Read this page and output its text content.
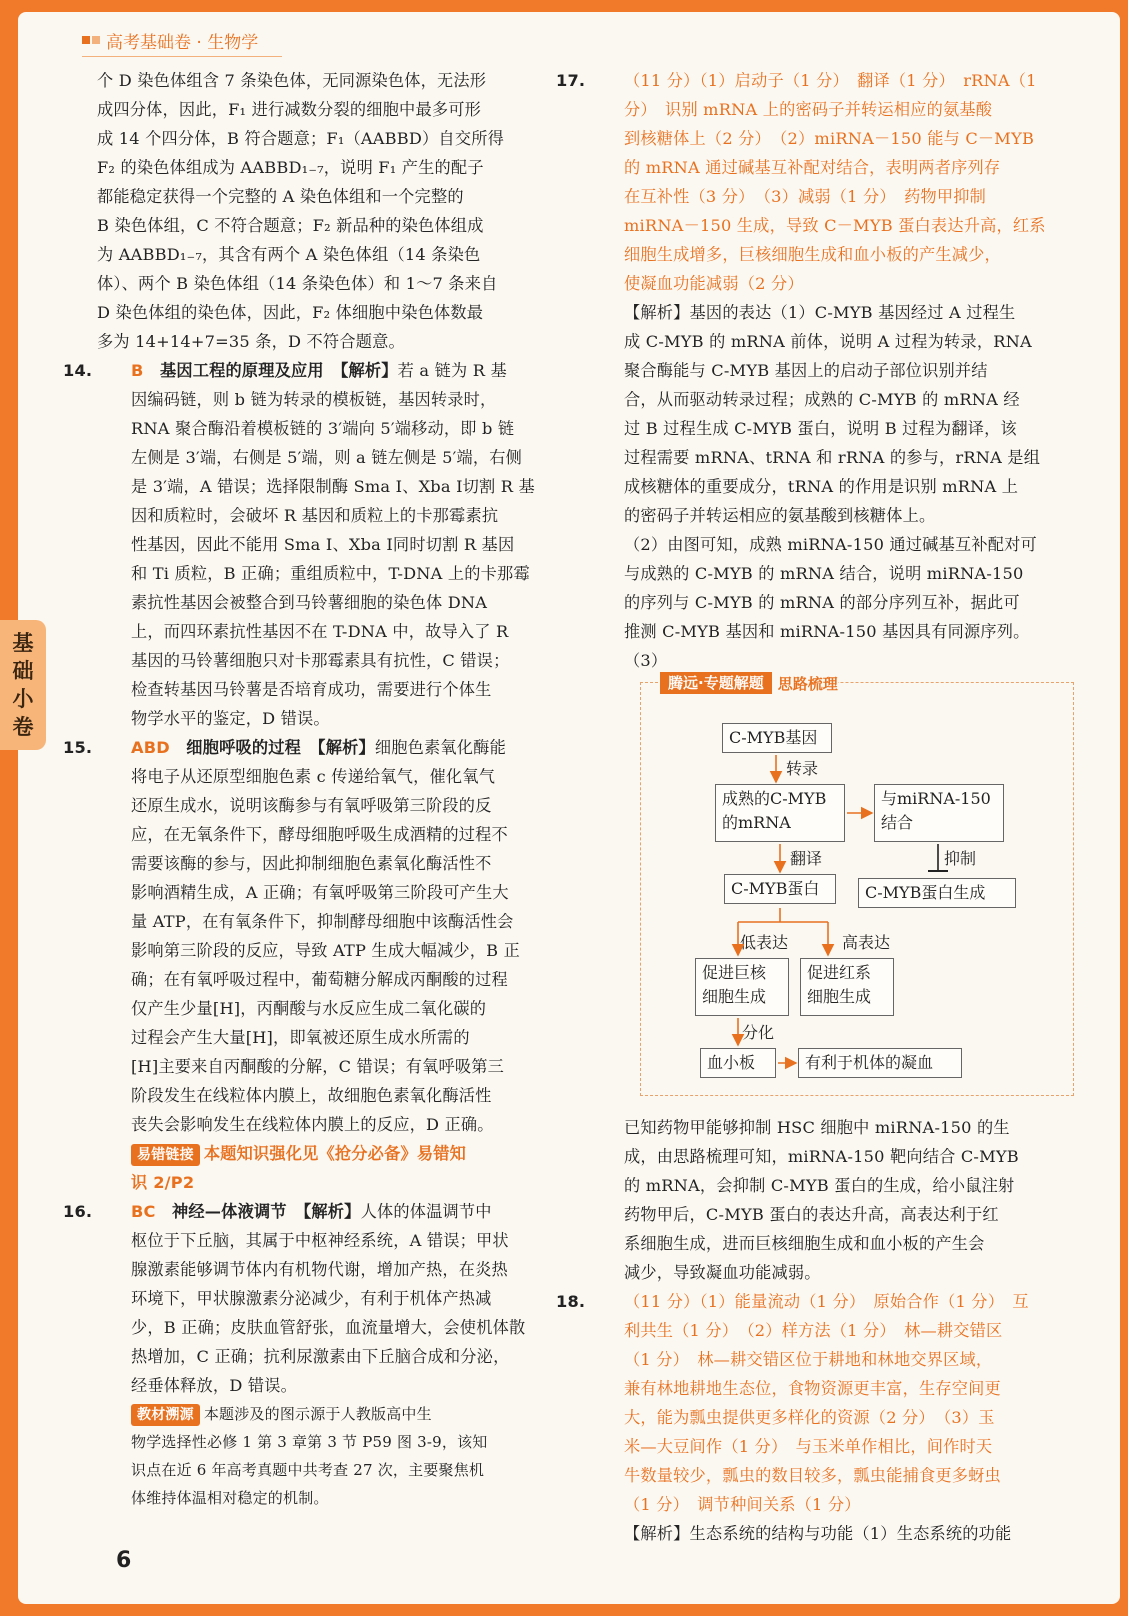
高考基础卷 · 生物学
基
础
小
卷

个 D 染色体组含 7 条染色体，无同源染色体，无法形

成四分体，因此，F₁ 进行减数分裂的细胞中最多可形

成 14 个四分体，B 符合题意；F₁（AABBD）自交所得

F₂ 的染色体组成为 AABBD₁₋₇，说明 F₁ 产生的配子

都能稳定获得一个完整的 A 染色体组和一个完整的

B 染色体组，C 不符合题意；F₂ 新品种的染色体组成

为 AABBD₁₋₇，其含有两个 A 染色体组（14 条染色

体）、两个 B 染色体组（14 条染色体）和 1～7 条来自

D 染色体组的染色体，因此，F₂ 体细胞中染色体数最

多为 14+14+7=35 条，D 不符合题意。

14. B　 基因工程的原理及应用　 【解析】若 a 链为 R 基

因编码链，则 b 链为转录的模板链，基因转录时，

RNA 聚合酶沿着模板链的 3′端向 5′端移动，即 b 链

左侧是 3′端，右侧是 5′端，则 a 链左侧是 5′端，右侧

是 3′端，A 错误；选择限制酶 Sma Ⅰ、Xba Ⅰ切割 R 基

因和质粒时，会破坏 R 基因和质粒上的卡那霉素抗

性基因，因此不能用 Sma Ⅰ、Xba Ⅰ同时切割 R 基因

和 Ti 质粒，B 正确；重组质粒中，T-DNA 上的卡那霉

素抗性基因会被整合到马铃薯细胞的染色体 DNA

上，而四环素抗性基因不在 T-DNA 中，故导入了 R

基因的马铃薯细胞只对卡那霉素具有抗性，C 错误；

检查转基因马铃薯是否培育成功，需要进行个体生

物学水平的鉴定，D 错误。

15. ABD　 细胞呼吸的过程　 【解析】细胞色素氧化酶能

将电子从还原型细胞色素 c 传递给氧气，催化氧气

还原生成水，说明该酶参与有氧呼吸第三阶段的反

应，在无氧条件下，酵母细胞呼吸生成酒精的过程不

需要该酶的参与，因此抑制细胞色素氧化酶活性不

影响酒精生成，A 正确；有氧呼吸第三阶段可产生大

量 ATP，在有氧条件下，抑制酵母细胞中该酶活性会

影响第三阶段的反应，导致 ATP 生成大幅减少，B 正

确；在有氧呼吸过程中，葡萄糖分解成丙酮酸的过程

仅产生少量[H]，丙酮酸与水反应生成二氧化碳的

过程会产生大量[H]，即氧被还原生成水所需的

[H]主要来自丙酮酸的分解，C 错误；有氧呼吸第三

阶段发生在线粒体内膜上，故细胞色素氧化酶活性

丧失会影响发生在线粒体内膜上的反应，D 正确。

易错链接 本题知识强化见《抢分必备》易错知

识 2/P2

16. BC　 神经—体液调节　 【解析】人体的体温调节中

枢位于下丘脑，其属于中枢神经系统，A 错误；甲状

腺激素能够调节体内有机物代谢，增加产热，在炎热

环境下，甲状腺激素分泌减少，有利于机体产热减

少，B 正确；皮肤血管舒张，血流量增大，会使机体散

热增加，C 正确；抗利尿激素由下丘脑合成和分泌，

经垂体释放，D 错误。

教材溯源 本题涉及的图示源于人教版高中生

物学选择性必修 1 第 3 章第 3 节 P59 图 3-9，该知

识点在近 6 年高考真题中共考查 27 次，主要聚焦机

体维持体温相对稳定的机制。

17. （11 分）（1）启动子（1 分）　翻译（1 分）　rRNA（1

分）　识别 mRNA 上的密码子并转运相应的氨基酸

到核糖体上（2 分）　（2）miRNA－150 能与 C－MYB

的 mRNA 通过碱基互补配对结合，表明两者序列存

在互补性（3 分）　（3）减弱（1 分）　药物甲抑制

miRNA－150 生成，导致 C－MYB 蛋白表达升高，红系

细胞生成增多，巨核细胞生成和血小板的产生减少，

使凝血功能减弱（2 分）

【解析】基因的表达（1）C-MYB 基因经过 A 过程生

成 C-MYB 的 mRNA 前体，说明 A 过程为转录，RNA

聚合酶能与 C-MYB 基因上的启动子部位识别并结

合，从而驱动转录过程；成熟的 C-MYB 的 mRNA 经

过 B 过程生成 C-MYB 蛋白，说明 B 过程为翻译，该

过程需要 mRNA、tRNA 和 rRNA 的参与，rRNA 是组

成核糖体的重要成分，tRNA 的作用是识别 mRNA 上

的密码子并转运相应的氨基酸到核糖体上。

（2）由图可知，成熟 miRNA-150 通过碱基互补配对可

与成熟的 C-MYB 的 mRNA 结合，说明 miRNA-150

的序列与 C-MYB 的 mRNA 的部分序列互补，据此可

推测 C-MYB 基因和 miRNA-150 基因具有同源序列。

（3）

已知药物甲能够抑制 HSC 细胞中 miRNA-150 的生

成，由思路梳理可知，miRNA-150 靶向结合 C-MYB

的 mRNA，会抑制 C-MYB 蛋白的生成，给小鼠注射

药物甲后，C-MYB 蛋白的表达升高，高表达利于红

系细胞生成，进而巨核细胞生成和血小板的产生会

减少，导致凝血功能减弱。

18. （11 分）（1）能量流动（1 分）　原始合作（1 分）　互

利共生（1 分）　（2）样方法（1 分）　林—耕交错区

（1 分）　林—耕交错区位于耕地和林地交界区域，

兼有林地耕地生态位，食物资源更丰富，生存空间更

大，能为瓢虫提供更多样化的资源（2 分）　（3）玉

米—大豆间作（1 分）　与玉米单作相比，间作时天

牛数量较少，瓢虫的数目较多，瓢虫能捕食更多蚜虫

（1 分）　调节种间关系（1 分）

【解析】生态系统的结构与功能（1）生态系统的功能

腾远·专题解题 思路梳理
C-MYB基因
转录
成熟的C-MYB
的mRNA
与miRNA-150
结合
翻译	抑制
C-MYB蛋白	C-MYB蛋白生成
低表达	高表达
促进巨核
细胞生成
促进红系
细胞生成
分化
血小板	有利于机体的凝血
6
